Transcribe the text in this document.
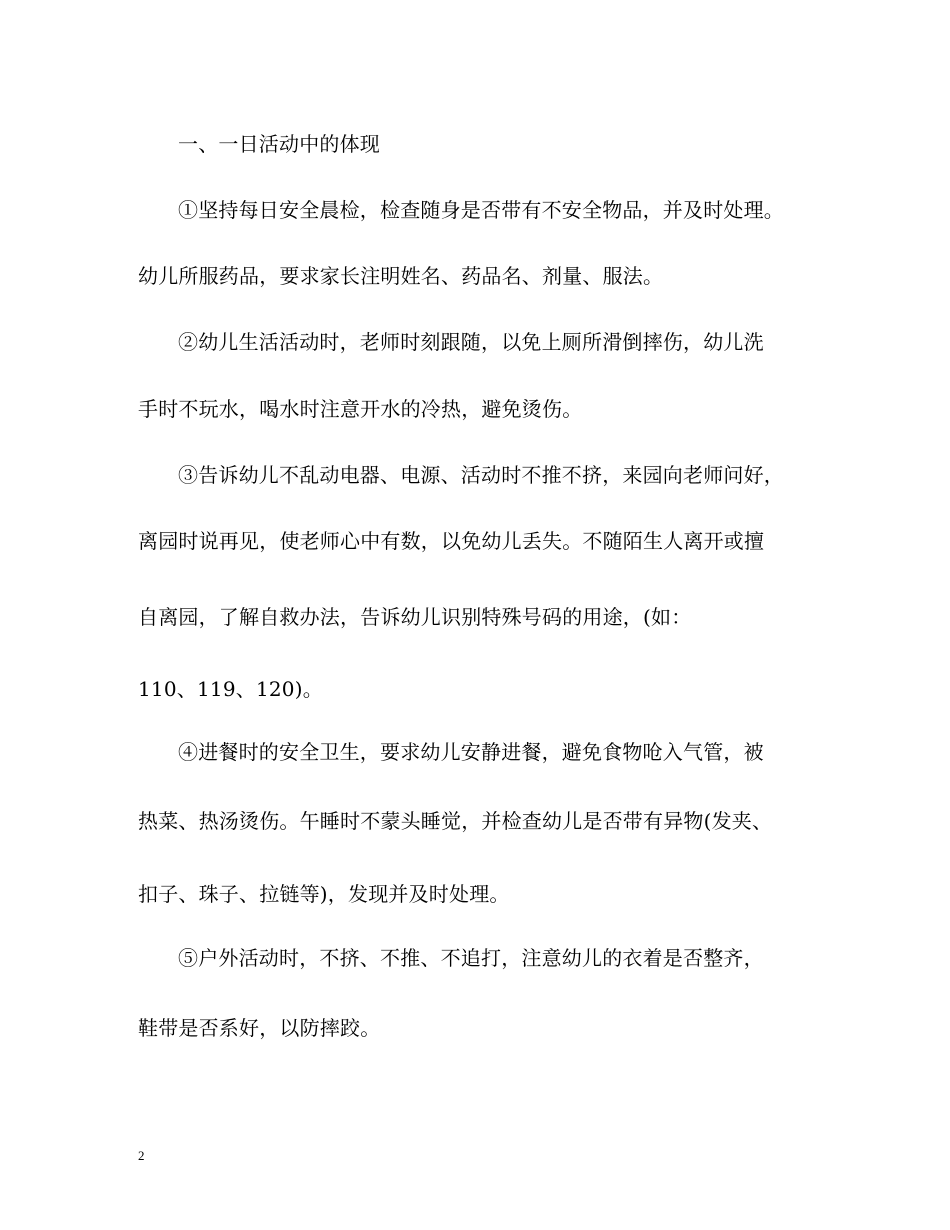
一、一日活动中的体现
①坚持每日安全晨检，检查随身是否带有不安全物品，并及时处理。
幼儿所服药品，要求家长注明姓名、药品名、剂量、服法。
②幼儿生活活动时，老师时刻跟随，以免上厕所滑倒摔伤，幼儿洗
手时不玩水，喝水时注意开水的冷热，避免烫伤。
③告诉幼儿不乱动电器、电源、活动时不推不挤，来园向老师问好，
离园时说再见，使老师心中有数，以免幼儿丢失。不随陌生人离开或擅
自离园，了解自救办法，告诉幼儿识别特殊号码的用途，(如：
110、119、120)。
④进餐时的安全卫生，要求幼儿安静进餐，避免食物呛入气管，被
热菜、热汤烫伤。午睡时不蒙头睡觉，并检查幼儿是否带有异物(发夹、
扣子、珠子、拉链等)，发现并及时处理。
⑤户外活动时，不挤、不推、不追打，注意幼儿的衣着是否整齐，
鞋带是否系好，以防摔跤。
2
